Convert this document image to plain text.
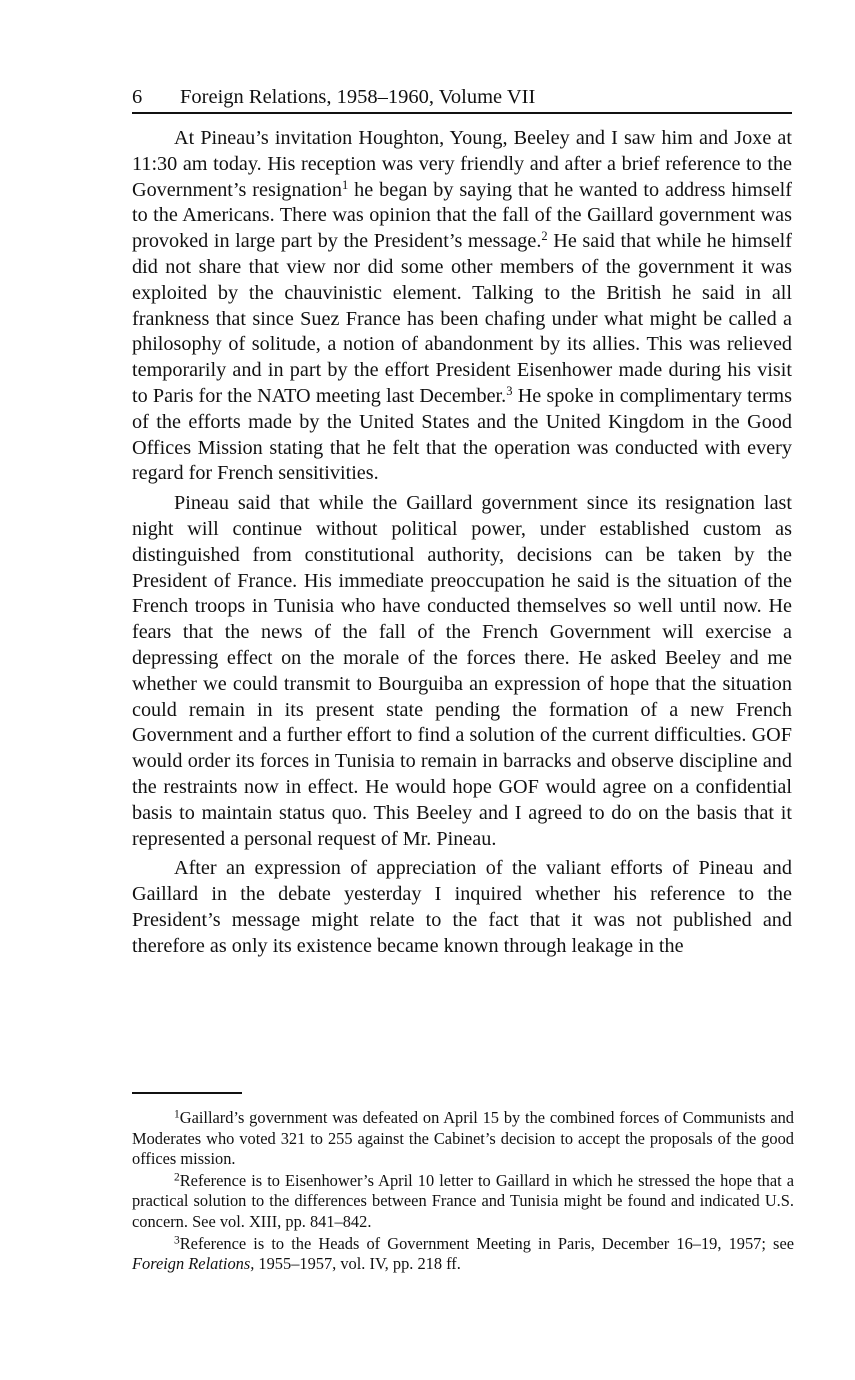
6	Foreign Relations, 1958–1960, Volume VII

At Pineau’s invitation Houghton, Young, Beeley and I saw him and Joxe at 11:30 am today. His reception was very friendly and after a brief reference to the Government’s resignation$^1$ he began by saying that he wanted to address himself to the Americans. There was opinion that the fall of the Gaillard government was provoked in large part by the President’s message.$^2$ He said that while he himself did not share that view nor did some other members of the government it was exploited by the chauvinistic element. Talking to the British he said in all frankness that since Suez France has been chafing under what might be called a philosophy of solitude, a notion of abandonment by its allies. This was relieved temporarily and in part by the effort President Eisenhower made during his visit to Paris for the NATO meeting last December.$^3$ He spoke in complimentary terms of the efforts made by the United States and the United Kingdom in the Good Offices Mission stating that he felt that the operation was conducted with every regard for French sensitivities.

Pineau said that while the Gaillard government since its resignation last night will continue without political power, under established custom as distinguished from constitutional authority, decisions can be taken by the President of France. His immediate preoccupation he said is the situation of the French troops in Tunisia who have conducted themselves so well until now. He fears that the news of the fall of the French Government will exercise a depressing effect on the morale of the forces there. He asked Beeley and me whether we could transmit to Bourguiba an expression of hope that the situation could remain in its present state pending the formation of a new French Government and a further effort to find a solution of the current difficulties. GOF would order its forces in Tunisia to remain in barracks and observe discipline and the restraints now in effect. He would hope GOF would agree on a confidential basis to maintain status quo. This Beeley and I agreed to do on the basis that it represented a personal request of Mr. Pineau.

After an expression of appreciation of the valiant efforts of Pineau and Gaillard in the debate yesterday I inquired whether his reference to the President’s message might relate to the fact that it was not published and therefore as only its existence became known through leakage in the

$^1$Gaillard’s government was defeated on April 15 by the combined forces of Communists and Moderates who voted 321 to 255 against the Cabinet’s decision to accept the proposals of the good offices mission.

$^2$Reference is to Eisenhower’s April 10 letter to Gaillard in which he stressed the hope that a practical solution to the differences between France and Tunisia might be found and indicated U.S. concern. See vol. XIII, pp. 841–842.

$^3$Reference is to the Heads of Government Meeting in Paris, December 16–19, 1957; see Foreign Relations, 1955–1957, vol. IV, pp. 218 ff.
